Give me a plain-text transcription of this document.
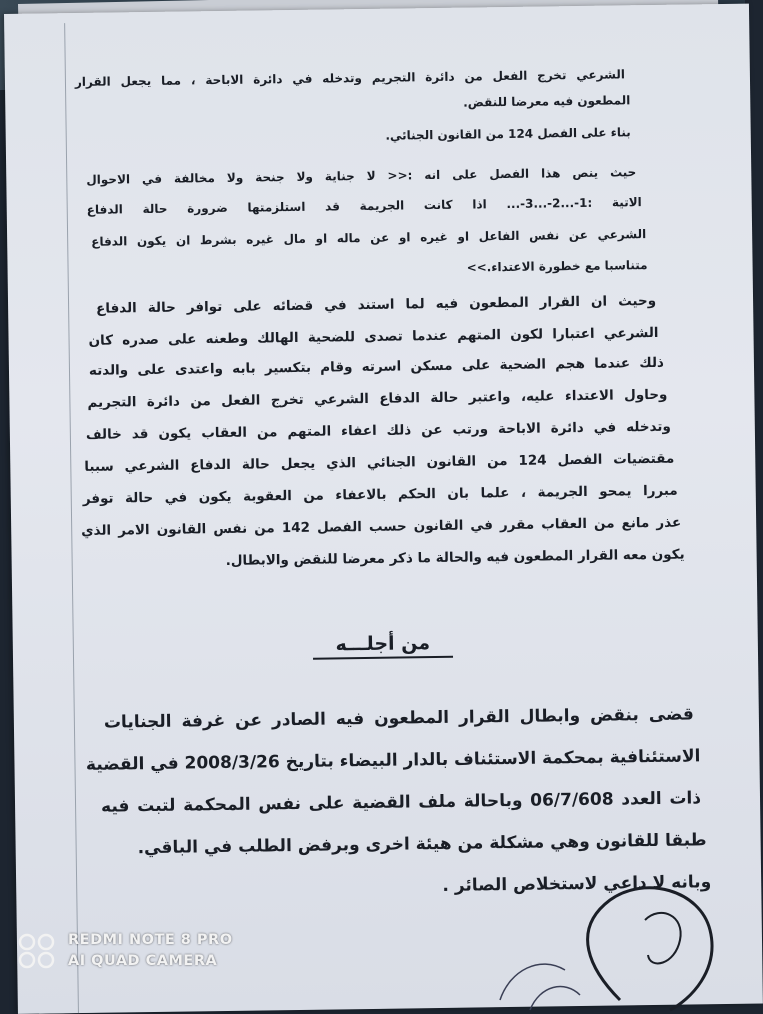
الشرعي تخرج الفعل من دائرة التجريم وتدخله في دائرة الاباحة ، مما يجعل القرار
المطعون فيه معرضا للنقض.
بناء على الفصل 124 من القانون الجنائي.
حيث ينص هذا الفصل على انه :<< لا جناية ولا جنحة ولا مخالفة في الاحوال
الاتية :1-...2-...3-... اذا كانت الجريمة قد استلزمتها ضرورة حالة الدفاع
الشرعي عن نفس الفاعل او غيره او عن ماله او مال غيره بشرط ان يكون الدفاع
متناسبا مع خطورة الاعتداء.>>
وحيث ان القرار المطعون فيه لما استند في قضائه على توافر حالة الدفاع
الشرعي اعتبارا لكون المتهم عندما تصدى للضحية الهالك وطعنه على صدره كان
ذلك عندما هجم الضحية على مسكن اسرته وقام بتكسير بابه واعتدى على والدته
وحاول الاعتداء عليه، واعتبر حالة الدفاع الشرعي تخرج الفعل من دائرة التجريم
وتدخله في دائرة الاباحة ورتب عن ذلك اعفاء المتهم من العقاب يكون قد خالف
مقتضيات الفصل 124 من القانون الجنائي الذي يجعل حالة الدفاع الشرعي سببا
مبررا يمحو الجريمة ، علما بان الحكم بالاعفاء من العقوبة يكون في حالة توفر
عذر مانع من العقاب مقرر في القانون حسب الفصل 142 من نفس القانون الامر الذي
يكون معه القرار المطعون فيه والحالة ما ذكر معرضا للنقض والابطال.
من أجلـــه
قضى بنقض وابطال القرار المطعون فيه الصادر عن غرفة الجنايات
الاستئنافية بمحكمة الاستئناف بالدار البيضاء بتاريخ 2008/3/26 في القضية
ذات العدد 06/7/608 وباحالة ملف القضية على نفس المحكمة لتبت فيه
طبقا للقانون وهي مشكلة من هيئة اخرى وبرفض الطلب في الباقي.
وبانه لا داعي لاستخلاص الصائر .
REDMI NOTE 8 PRO
AI QUAD CAMERA
